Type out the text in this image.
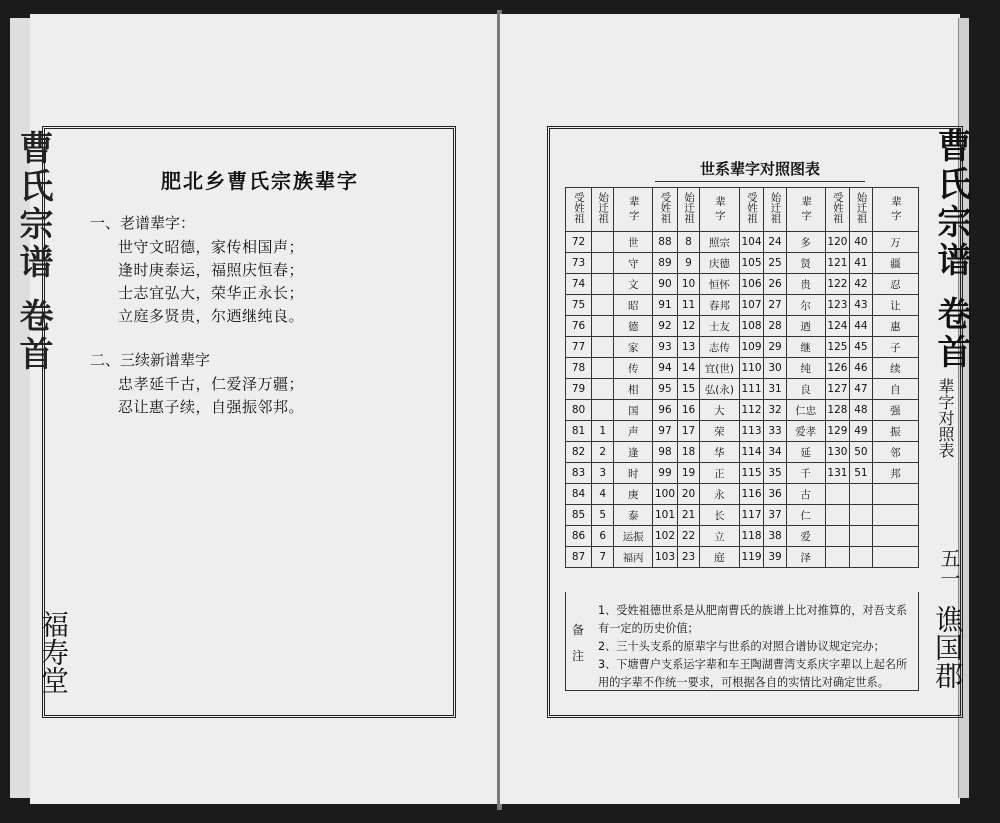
曹氏宗谱 卷首
福寿堂
肥北乡曹氏宗族辈字
一、老谱辈字：
世守文昭德，家传相国声；
逢时庚泰运，福照庆恒春；
士志宜弘大，荣华正永长；
立庭多贤贵，尔迺继纯良。
二、三续新谱辈字
忠孝延千古，仁爱泽万疆；
忍让惠子续，自强振邻邦。
曹氏宗谱 卷首
辈字对照表
五一
谯国郡
世系辈字对照图表
受姓祖	始迁祖	辈 字	受姓祖	始迁祖	辈 字	受姓祖	始迁祖	辈 字	受姓祖	始迁祖	辈 字
72		世	88	8	照宗	104	24	多	120	40	万
73		守	89	9	庆德	105	25	贤	121	41	疆
74		文	90	10	恒怀	106	26	贵	122	42	忍
75		昭	91	11	春邦	107	27	尔	123	43	让
76		德	92	12	士友	108	28	迺	124	44	惠
77		家	93	13	志传	109	29	继	125	45	子
78		传	94	14	宜(世)	110	30	纯	126	46	续
79		相	95	15	弘(永)	111	31	良	127	47	自
80		国	96	16	大	112	32	仁忠	128	48	强
81	1	声	97	17	荣	113	33	爱孝	129	49	振
82	2	逢	98	18	华	114	34	延	130	50	邻
83	3	时	99	19	正	115	35	千	131	51	邦
84	4	庚	100	20	永	116	36	古			
85	5	泰	101	21	长	117	37	仁			
86	6	运振	102	22	立	118	38	爱			
87	7	福丙	103	23	庭	119	39	泽			
备注
1、受姓祖德世系是从肥南曹氏的族谱上比对推算的，对吾支系有一定的历史价值；
2、三十头支系的原辈字与世系的对照合谱协议规定完办；
3、下塘曹户支系运字辈和车王陶湖曹湾支系庆字辈以上起名所用的字辈不作统一要求，可根据各自的实情比对确定世系。
